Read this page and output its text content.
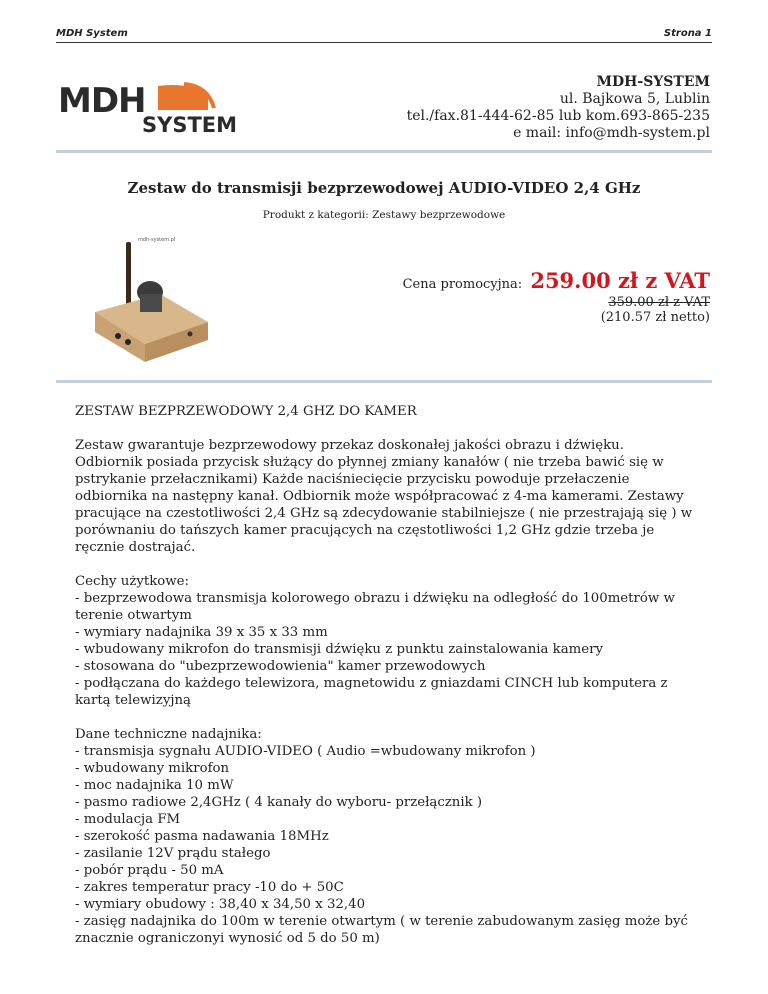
MDH System	Strona 1
MDH
SYSTEM
MDH-SYSTEM
ul. Bajkowa 5, Lublin
tel./fax.81-444-62-85 lub kom.693-865-235
e mail: info@mdh-system.pl
Zestaw do transmisji bezprzewodowej AUDIO-VIDEO 2,4 GHz
Produkt z kategorii: Zestawy bezprzewodowe
mdh-system.pl
Cena promocyjna: 259.00 zł z VAT
359.00 zł z VAT
(210.57 zł netto)

ZESTAW BEZPRZEWODOWY 2,4 GHZ DO KAMER

Zestaw gwarantuje bezprzewodowy przekaz doskonałej jakości obrazu i dźwięku. Odbiornik posiada przycisk służący do płynnej zmiany kanałów ( nie trzeba bawić się w pstrykanie przełacznikami) Każde naciśniecięcie przycisku powoduje przełaczenie odbiornika na następny kanał. Odbiornik może współpracować z 4-ma kamerami. Zestawy pracujące na czestotliwości 2,4 GHz są zdecydowanie stabilniejsze ( nie przestrajają się ) w porównaniu do tańszych kamer pracujących na częstotliwości 1,2 GHz gdzie trzeba je ręcznie dostrajać.

Cechy użytkowe:
- bezprzewodowa transmisja kolorowego obrazu i dźwięku na odległość do 100metrów w terenie otwartym
- wymiary nadajnika 39 x 35 x 33 mm
- wbudowany mikrofon do transmisji dźwięku z punktu zainstalowania kamery
- stosowana do "ubezprzewodowienia" kamer przewodowych
- podłączana do każdego telewizora, magnetowidu z gniazdami CINCH lub komputera z kartą telewizyjną

Dane techniczne nadajnika:
- transmisja sygnału AUDIO-VIDEO ( Audio =wbudowany mikrofon )
- wbudowany mikrofon
- moc nadajnika 10 mW
- pasmo radiowe 2,4GHz ( 4 kanały do wyboru- przełącznik )
- modulacja FM
- szerokość pasma nadawania 18MHz
- zasilanie 12V prądu stałego
- pobór prądu - 50 mA
- zakres temperatur pracy -10 do + 50C
- wymiary obudowy : 38,40 x 34,50 x 32,40
- zasięg nadajnika do 100m w terenie otwartym ( w terenie zabudowanym zasięg może być znacznie ograniczonyi wynosić od 5 do 50 m)
